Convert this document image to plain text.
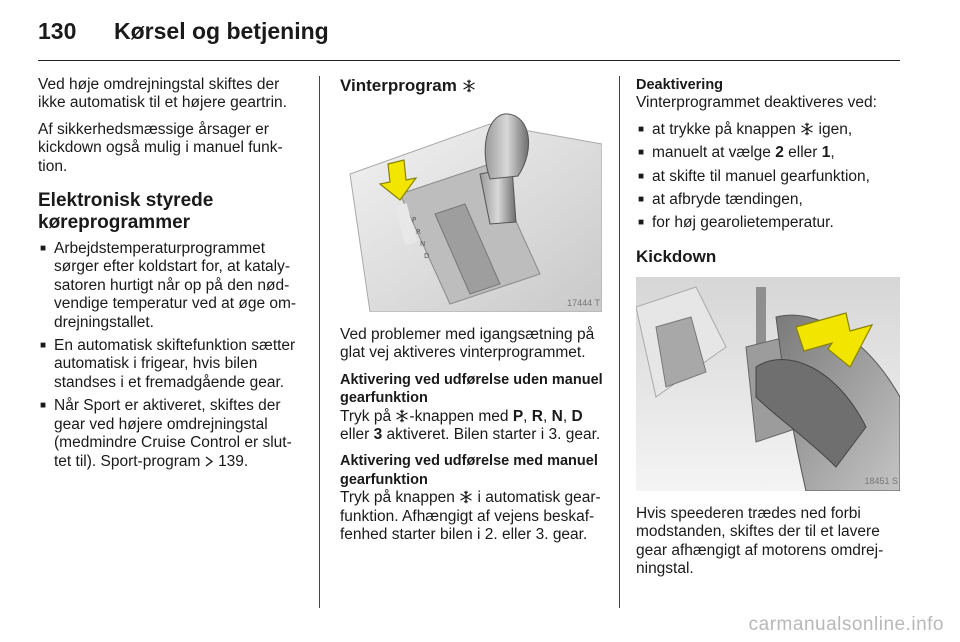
130 Kørsel og betjening

Ved høje omdrejningstal skiftes der ikke automatisk til et højere geartrin.

Af sikkerhedsmæssige årsager er kickdown også mulig i manuel funk-tion.

Elektronisk styrede køreprogrammer
■ Arbejdstemperaturprogrammet sørger efter koldstart for, at kataly-satoren hurtigt når op på den nød-vendige temperatur ved at øge om-drejningstallet.
■ En automatisk skiftefunktion sætter automatisk i frigear, hvis bilen standses i et fremadgående gear.
■ Når Sport er aktiveret, skiftes der gear ved højere omdrejningstal (medmindre Cruise Control er slut-tet til). Sport-program 139.
Vinterprogram
P
R
N
D
17444 T

Ved problemer med igangsætning på glat vej aktiveres vinterprogrammet.

Aktivering ved udførelse uden manuel gearfunktion

Tryk på -knappen med P, R, N, D eller 3 aktiveret. Bilen starter i 3. gear.

Aktivering ved udførelse med manuel gearfunktion

Tryk på knappen i automatisk gear-funktion. Afhængigt af vejens beskaf-fenhed starter bilen i 2. eller 3. gear.

Deaktivering

Vinterprogrammet deaktiveres ved:

■ at trykke på knappen igen,
■ manuelt at vælge 2 eller 1,
■ at skifte til manuel gearfunktion,
■ at afbryde tændingen,
■ for høj gearolietemperatur.
Kickdown
18451 S

Hvis speederen trædes ned forbi modstanden, skiftes der til et lavere gear afhængigt af motorens omdrej-ningstal.

carmanualsonline.info
